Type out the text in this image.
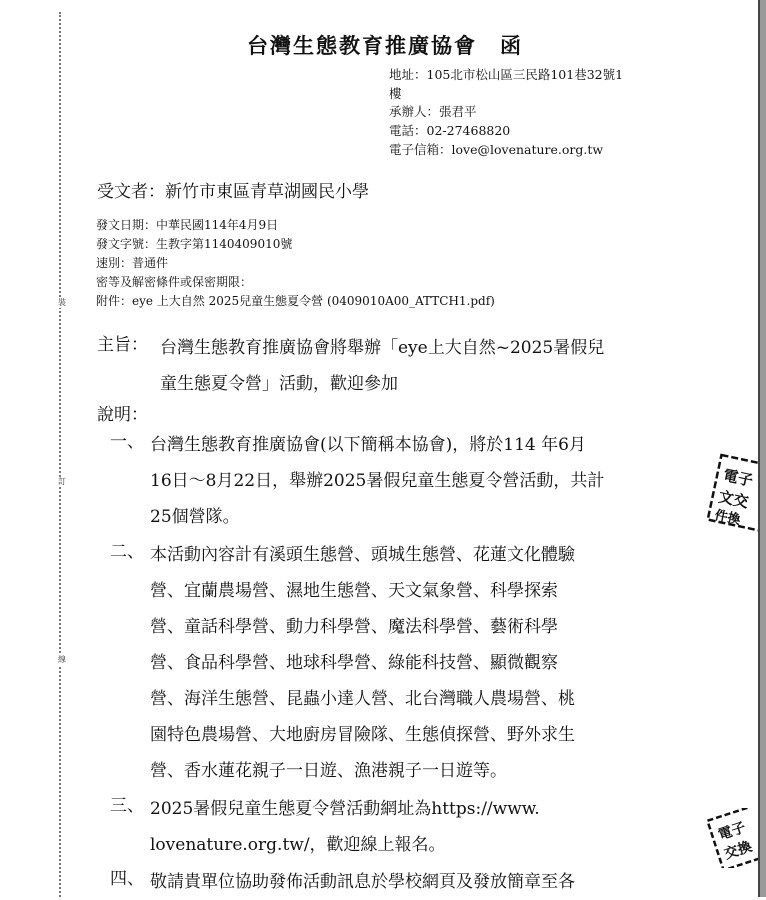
裝
訂
線
台灣生態教育推廣協會　函
地址：105北市松山區三民路101巷32號1
樓
承辦人：張君平
電話：02-27468820
電子信箱：love@lovenature.org.tw
受文者：新竹市東區青草湖國民小學
發文日期：中華民國114年4月9日
發文字號：生教字第1140409010號
速別：普通件
密等及解密條件或保密期限：
附件：eye 上大自然 2025兒童生態夏令營 (0409010A00_ATTCH1.pdf)
主旨： 台灣生態教育推廣協會將舉辦「eye上大自然~2025暑假兒
童生態夏令營」活動，歡迎參加
說明：
一、 台灣生態教育推廣協會(以下簡稱本協會)，將於114 年6月
16日～8月22日，舉辦2025暑假兒童生態夏令營活動，共計
25個營隊。
二、 本活動內容計有溪頭生態營、頭城生態營、花蓮文化體驗
營、宜蘭農場營、濕地生態營、天文氣象營、科學探索
營、童話科學營、動力科學營、魔法科學營、藝術科學
營、食品科學營、地球科學營、綠能科技營、顯微觀察
營、海洋生態營、昆蟲小達人營、北台灣職人農場營、桃
園特色農場營、大地廚房冒險隊、生態偵探營、野外求生
營、香水蓮花親子一日遊、漁港親子一日遊等。
三、 2025暑假兒童生態夏令營活動網址為https://www.
lovenature.org.tw/，歡迎線上報名。
四、 敬請貴單位協助發佈活動訊息於學校網頁及發放簡章至各
電子
文交
件換
電子
交換
